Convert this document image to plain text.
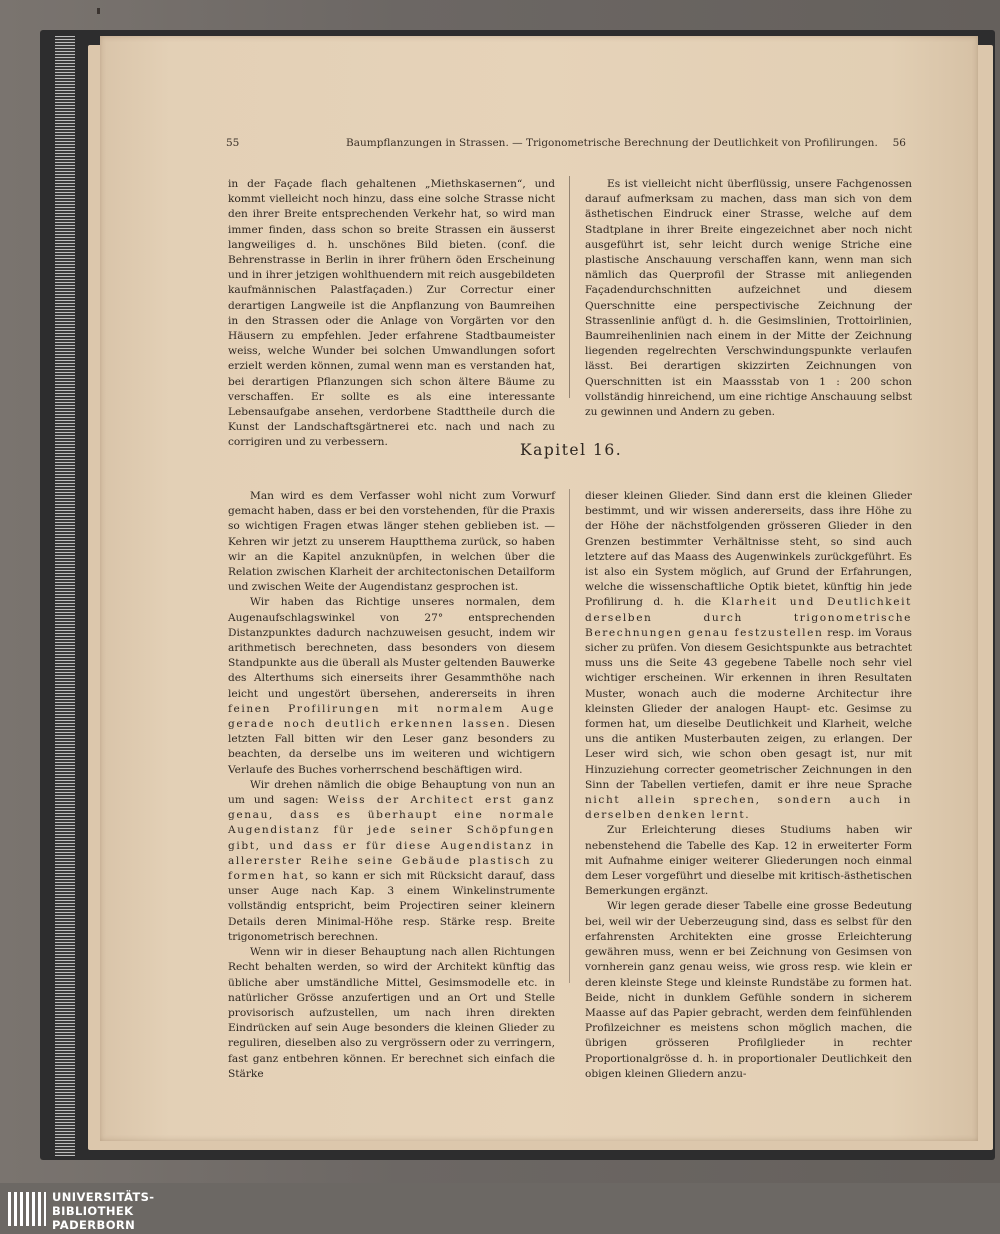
55	Baumpflanzungen in Strassen. — Trigonometrische Berechnung der Deutlichkeit von Profilirungen. 56

in der Façade flach gehaltenen „Miethskasernen“, und kommt vielleicht noch hinzu, dass eine solche Strasse nicht den ihrer Breite entsprechenden Verkehr hat, so wird man immer finden, dass schon so breite Strassen ein äusserst langweiliges d. h. unschönes Bild bieten. (conf. die Behrenstrasse in Berlin in ihrer frühern öden Erscheinung und in ihrer jetzigen wohlthuendern mit reich ausgebildeten kaufmännischen Palastfaçaden.) Zur Correctur einer derartigen Langweile ist die Anpflanzung von Baumreihen in den Strassen oder die Anlage von Vorgärten vor den Häusern zu empfehlen. Jeder erfahrene Stadtbaumeister weiss, welche Wunder bei solchen Umwandlungen sofort erzielt werden können, zumal wenn man es verstanden hat, bei derartigen Pflanzungen sich schon ältere Bäume zu verschaffen. Er sollte es als eine interessante Lebensaufgabe ansehen, verdorbene Stadttheile durch die Kunst der Landschaftsgärtnerei etc. nach und nach zu corrigiren und zu verbessern.

Es ist vielleicht nicht überflüssig, unsere Fachgenossen darauf aufmerksam zu machen, dass man sich von dem ästhetischen Eindruck einer Strasse, welche auf dem Stadtplane in ihrer Breite eingezeichnet aber noch nicht ausgeführt ist, sehr leicht durch wenige Striche eine plastische Anschauung verschaffen kann, wenn man sich nämlich das Querprofil der Strasse mit anliegenden Façadendurchschnitten aufzeichnet und diesem Querschnitte eine perspectivische Zeichnung der Strassenlinie anfügt d. h. die Gesimslinien, Trottoirlinien, Baumreihenlinien nach einem in der Mitte der Zeichnung liegenden regelrechten Verschwindungspunkte verlaufen lässt. Bei derartigen skizzirten Zeichnungen von Querschnitten ist ein Maassstab von 1 : 200 schon vollständig hinreichend, um eine richtige Anschauung selbst zu gewinnen und Andern zu geben.

Kapitel 16.

Man wird es dem Verfasser wohl nicht zum Vorwurf gemacht haben, dass er bei den vorstehenden, für die Praxis so wichtigen Fragen etwas länger stehen geblieben ist. — Kehren wir jetzt zu unserem Hauptthema zurück, so haben wir an die Kapitel anzuknüpfen, in welchen über die Relation zwischen Klarheit der architectonischen Detailform und zwischen Weite der Augendistanz gesprochen ist.

Wir haben das Richtige unseres normalen, dem Augenaufschlagswinkel von 27° entsprechenden Distanzpunktes dadurch nachzuweisen gesucht, indem wir arithmetisch berechneten, dass besonders von diesem Standpunkte aus die überall als Muster geltenden Bauwerke des Alterthums sich einerseits ihrer Gesammthöhe nach leicht und ungestört übersehen, andererseits in ihren feinen Profilirungen mit normalem Auge gerade noch deutlich erkennen lassen. Diesen letzten Fall bitten wir den Leser ganz besonders zu beachten, da derselbe uns im weiteren und wichtigern Verlaufe des Buches vorherrschend beschäftigen wird.

Wir drehen nämlich die obige Behauptung von nun an um und sagen: Weiss der Architect erst ganz genau, dass es überhaupt eine normale Augendistanz für jede seiner Schöpfungen gibt, und dass er für diese Augendistanz in allererster Reihe seine Gebäude plastisch zu formen hat, so kann er sich mit Rücksicht darauf, dass unser Auge nach Kap. 3 einem Winkelinstrumente vollständig entspricht, beim Projectiren seiner kleinern Details deren Minimal-Höhe resp. Stärke resp. Breite trigonometrisch berechnen.

Wenn wir in dieser Behauptung nach allen Richtungen Recht behalten werden, so wird der Architekt künftig das übliche aber umständliche Mittel, Gesimsmodelle etc. in natürlicher Grösse anzufertigen und an Ort und Stelle provisorisch aufzustellen, um nach ihren direkten Eindrücken auf sein Auge besonders die kleinen Glieder zu reguliren, dieselben also zu vergrössern oder zu verringern, fast ganz entbehren können. Er berechnet sich einfach die Stärke

dieser kleinen Glieder. Sind dann erst die kleinen Glieder bestimmt, und wir wissen andererseits, dass ihre Höhe zu der Höhe der nächstfolgenden grösseren Glieder in den Grenzen bestimmter Verhältnisse steht, so sind auch letztere auf das Maass des Augenwinkels zurückgeführt. Es ist also ein System möglich, auf Grund der Erfahrungen, welche die wissenschaftliche Optik bietet, künftig hin jede Profilirung d. h. die Klarheit und Deutlichkeit derselben durch trigonometrische Berechnungen genau festzustellen resp. im Voraus sicher zu prüfen. Von diesem Gesichtspunkte aus betrachtet muss uns die Seite 43 gegebene Tabelle noch sehr viel wichtiger erscheinen. Wir erkennen in ihren Resultaten Muster, wonach auch die moderne Architectur ihre kleinsten Glieder der analogen Haupt- etc. Gesimse zu formen hat, um dieselbe Deutlichkeit und Klarheit, welche uns die antiken Musterbauten zeigen, zu erlangen. Der Leser wird sich, wie schon oben gesagt ist, nur mit Hinzuziehung correcter geometrischer Zeichnungen in den Sinn der Tabellen vertiefen, damit er ihre neue Sprache nicht allein sprechen, sondern auch in derselben denken lernt.

Zur Erleichterung dieses Studiums haben wir nebenstehend die Tabelle des Kap. 12 in erweiterter Form mit Aufnahme einiger weiterer Gliederungen noch einmal dem Leser vorgeführt und dieselbe mit kritisch-ästhetischen Bemerkungen ergänzt.

Wir legen gerade dieser Tabelle eine grosse Bedeutung bei, weil wir der Ueberzeugung sind, dass es selbst für den erfahrensten Architekten eine grosse Erleichterung gewähren muss, wenn er bei Zeichnung von Gesimsen von vornherein ganz genau weiss, wie gross resp. wie klein er deren kleinste Stege und kleinste Rundstäbe zu formen hat. Beide, nicht in dunklem Gefühle sondern in sicherem Maasse auf das Papier gebracht, werden dem feinfühlenden Profilzeichner es meistens schon möglich machen, die übrigen grösseren Profilglieder in rechter Proportionalgrösse d. h. in proportionaler Deutlichkeit den obigen kleinen Gliedern anzu-

UNIVERSITÄTS-
BIBLIOTHEK
PADERBORN
